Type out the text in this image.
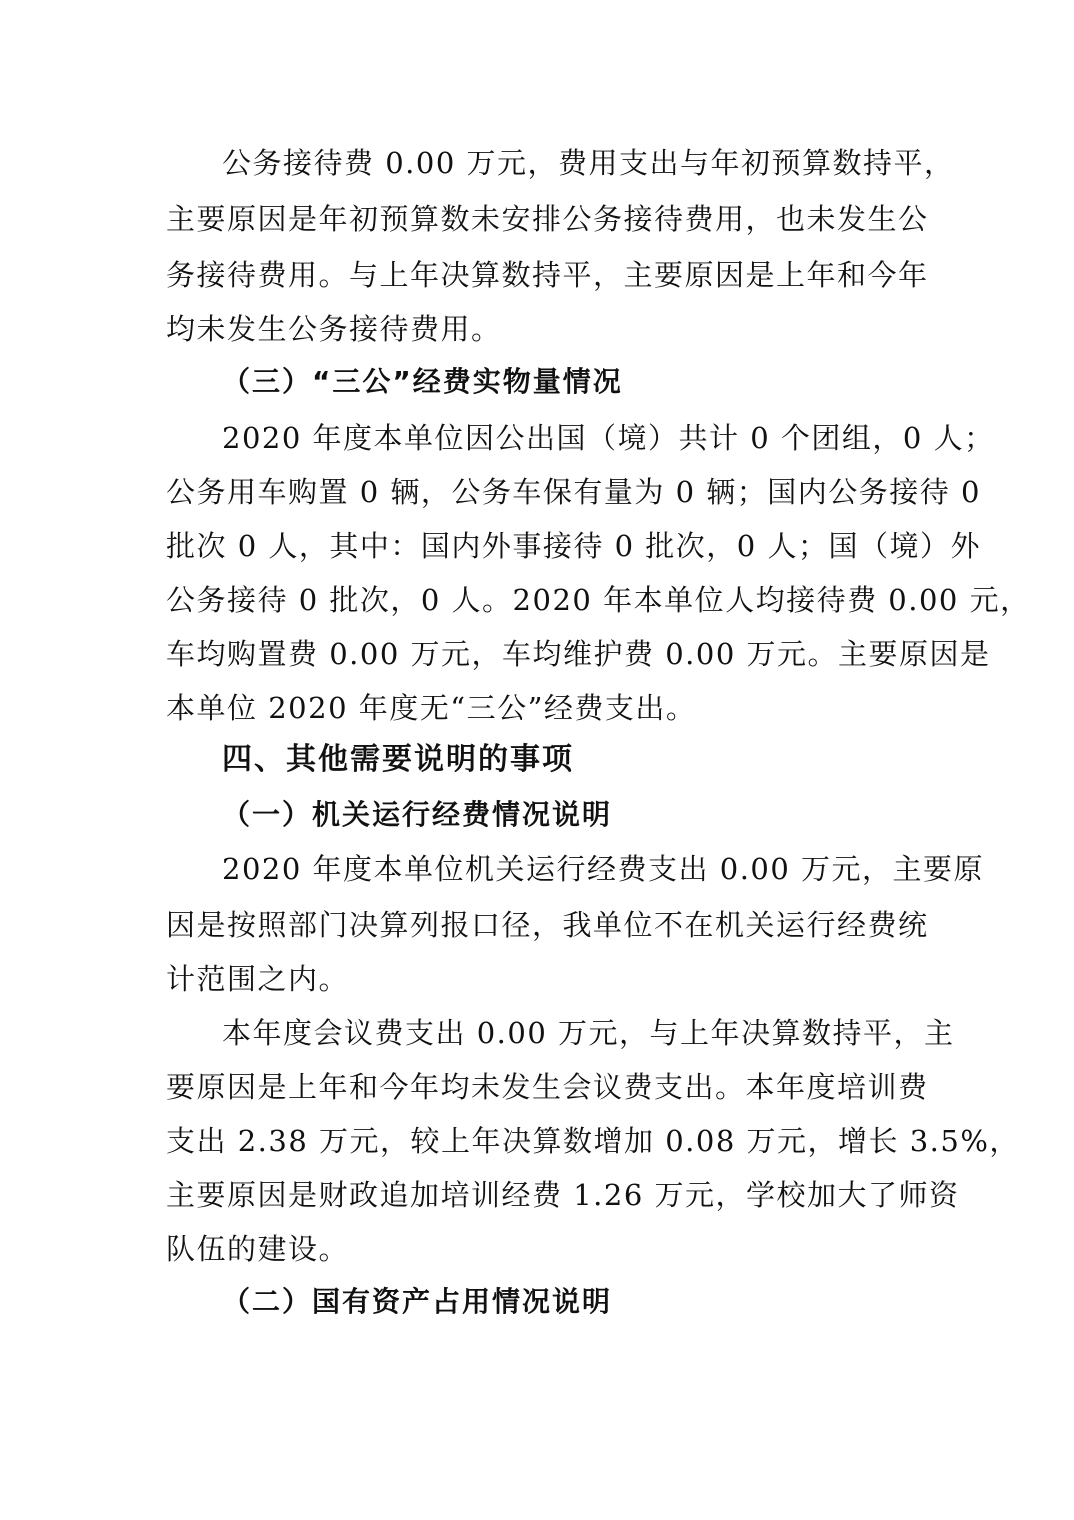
公务接待费 0.00 万元，费用支出与年初预算数持平，
主要原因是年初预算数未安排公务接待费用，也未发生公
务接待费用。与上年决算数持平，主要原因是上年和今年
均未发生公务接待费用。
（三）“三公”经费实物量情况
2020 年度本单位因公出国（境）共计 0 个团组，0 人；
公务用车购置 0 辆，公务车保有量为 0 辆；国内公务接待 0
批次 0 人，其中：国内外事接待 0 批次，0 人；国（境）外
公务接待 0 批次，0 人。2020 年本单位人均接待费 0.00 元，
车均购置费 0.00 万元，车均维护费 0.00 万元。主要原因是
本单位 2020 年度无“三公”经费支出。
四、其他需要说明的事项
（一）机关运行经费情况说明
2020 年度本单位机关运行经费支出 0.00 万元，主要原
因是按照部门决算列报口径，我单位不在机关运行经费统
计范围之内。
本年度会议费支出 0.00 万元，与上年决算数持平，主
要原因是上年和今年均未发生会议费支出。本年度培训费
支出 2.38 万元，较上年决算数增加 0.08 万元，增长 3.5%，
主要原因是财政追加培训经费 1.26 万元，学校加大了师资
队伍的建设。
（二）国有资产占用情况说明
